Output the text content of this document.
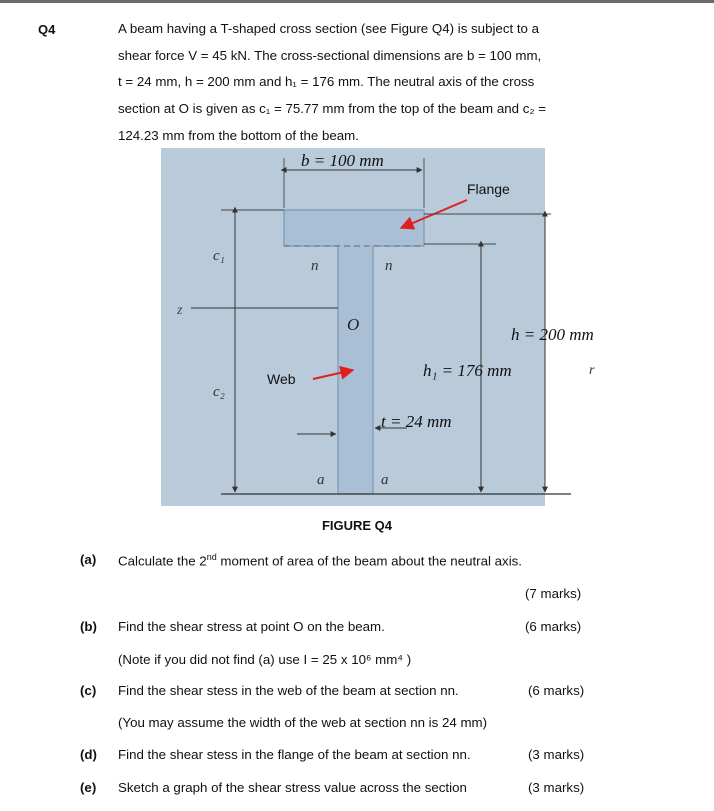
Q4	A beam having a T-shaped cross section (see Figure Q4) is subject to a

shear force V = 45 kN. The cross-sectional dimensions are b = 100 mm,

t = 24 mm, h = 200 mm and h₁ = 176 mm. The neutral axis of the cross

section at O is given as c₁ = 75.77 mm from the top of the beam and c₂ =

124.23 mm from the bottom of the beam.

b = 100 mm
Flange
c₁
c₂
z
n	n
O
Web
h = 200 mm
h₁ = 176 mm	r
t = 24 mm
a	a
FIGURE Q4
(a) Calculate the 2nd moment of area of the beam about the neutral axis.
(7 marks)
(b) Find the shear stress at point O on the beam.	(6 marks)
(Note if you did not find (a) use I = 25 x 10⁶ mm⁴ )
(c) Find the shear stess in the web of the beam at section nn.	(6 marks)
(You may assume the width of the web at section nn is 24 mm)
(d) Find the shear stess in the flange of the beam at section nn.	(3 marks)
(e) Sketch a graph of the shear stress value across the section	(3 marks)
